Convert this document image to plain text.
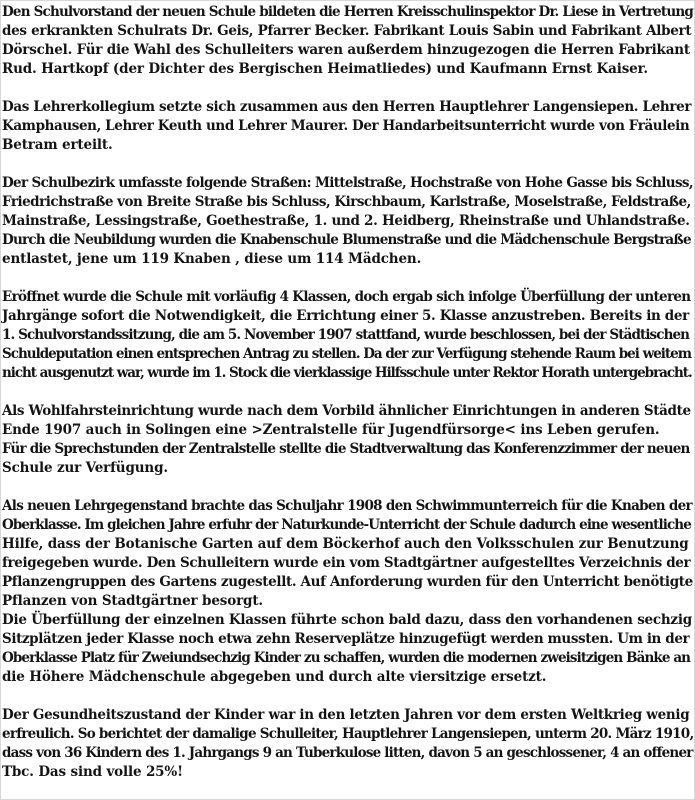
Den Schulvorstand der neuen Schule bildeten die Herren Kreisschulinspektor Dr. Liese in Vertretung
des erkrankten Schulrats Dr. Geis, Pfarrer Becker. Fabrikant Louis Sabin und Fabrikant Albert
Dörschel. Für die Wahl des Schulleiters waren außerdem hinzugezogen die Herren Fabrikant
Rud. Hartkopf (der Dichter des Bergischen Heimatliedes) und Kaufmann Ernst Kaiser.
Das Lehrerkollegium setzte sich zusammen aus den Herren Hauptlehrer Langensiepen. Lehrer
Kamphausen, Lehrer Keuth und Lehrer Maurer. Der Handarbeitsunterricht wurde von Fräulein
Betram erteilt.
Der Schulbezirk umfasste folgende Straßen: Mittelstraße, Hochstraße von Hohe Gasse bis Schluss,
Friedrichstraße von Breite Straße bis Schluss, Kirschbaum, Karlstraße, Moselstraße, Feldstraße,
Mainstraße, Lessingstraße, Goethestraße, 1. und 2. Heidberg, Rheinstraße und Uhlandstraße.
Durch die Neubildung wurden die Knabenschule Blumenstraße und die Mädchenschule Bergstraße
entlastet, jene um 119 Knaben , diese um 114 Mädchen.
Eröffnet wurde die Schule mit vorläufig 4 Klassen, doch ergab sich infolge Überfüllung der unteren
Jahrgänge sofort die Notwendigkeit, die Errichtung einer 5. Klasse anzustreben. Bereits in der
1. Schulvorstandssitzung, die am 5. November 1907 stattfand, wurde beschlossen, bei der Städtischen
Schuldeputation einen entsprechen Antrag zu stellen. Da der zur Verfügung stehende Raum bei weitem
nicht ausgenutzt war, wurde im 1. Stock die vierklassige Hilfsschule unter Rektor Horath untergebracht.
Als Wohlfahrsteinrichtung wurde nach dem Vorbild ähnlicher Einrichtungen in anderen Städte
Ende 1907 auch in Solingen eine >Zentralstelle für Jugendfürsorge< ins Leben gerufen.
Für die Sprechstunden der Zentralstelle stellte die Stadtverwaltung das Konferenzzimmer der neuen
Schule zur Verfügung.
Als neuen Lehrgegenstand brachte das Schuljahr 1908 den Schwimmunterreich für die Knaben der
Oberklasse. Im gleichen Jahre erfuhr der Naturkunde-Unterricht der Schule dadurch eine wesentliche
Hilfe, dass der Botanische Garten auf dem Böckerhof auch den Volksschulen zur Benutzung
freigegeben wurde. Den Schulleitern wurde ein vom Stadtgärtner aufgestelltes Verzeichnis der
Pflanzengruppen des Gartens zugestellt. Auf Anforderung wurden für den Unterricht benötigte
Pflanzen von Stadtgärtner besorgt.
Die Überfüllung der einzelnen Klassen führte schon bald dazu, dass den vorhandenen sechzig
Sitzplätzen jeder Klasse noch etwa zehn Reserveplätze hinzugefügt werden mussten. Um in der
Oberklasse Platz für Zweiundsechzig Kinder zu schaffen, wurden die modernen zweisitzigen Bänke an
die Höhere Mädchenschule abgegeben und durch alte viersitzige ersetzt.
Der Gesundheitszustand der Kinder war in den letzten Jahren vor dem ersten Weltkrieg wenig
erfreulich. So berichtet der damalige Schulleiter, Hauptlehrer Langensiepen, unterm 20. März 1910,
dass von 36 Kindern des 1. Jahrgangs 9 an Tuberkulose litten, davon 5 an geschlossener, 4 an offener
Tbc. Das sind volle 25%!
